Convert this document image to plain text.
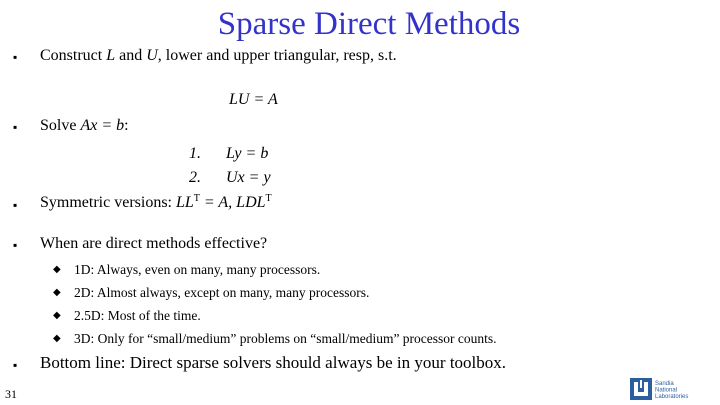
Sparse Direct Methods
▪ Construct L and U, lower and upper triangular, resp, s.t.
LU = A
▪ Solve Ax = b:
1. Ly = b
2. Ux = y
▪ Symmetric versions: $LL^T = A$, $LDL^T$
▪ When are direct methods effective?
◆ 1D: Always, even on many, many processors.
◆ 2D: Almost always, except on many, many processors.
◆ 2.5D: Most of the time.
◆ 3D: Only for “small/medium” problems on “small/medium” processor counts.
▪ Bottom line: Direct sparse solvers should always be in your toolbox.
31
Sandia
National
Laboratories
